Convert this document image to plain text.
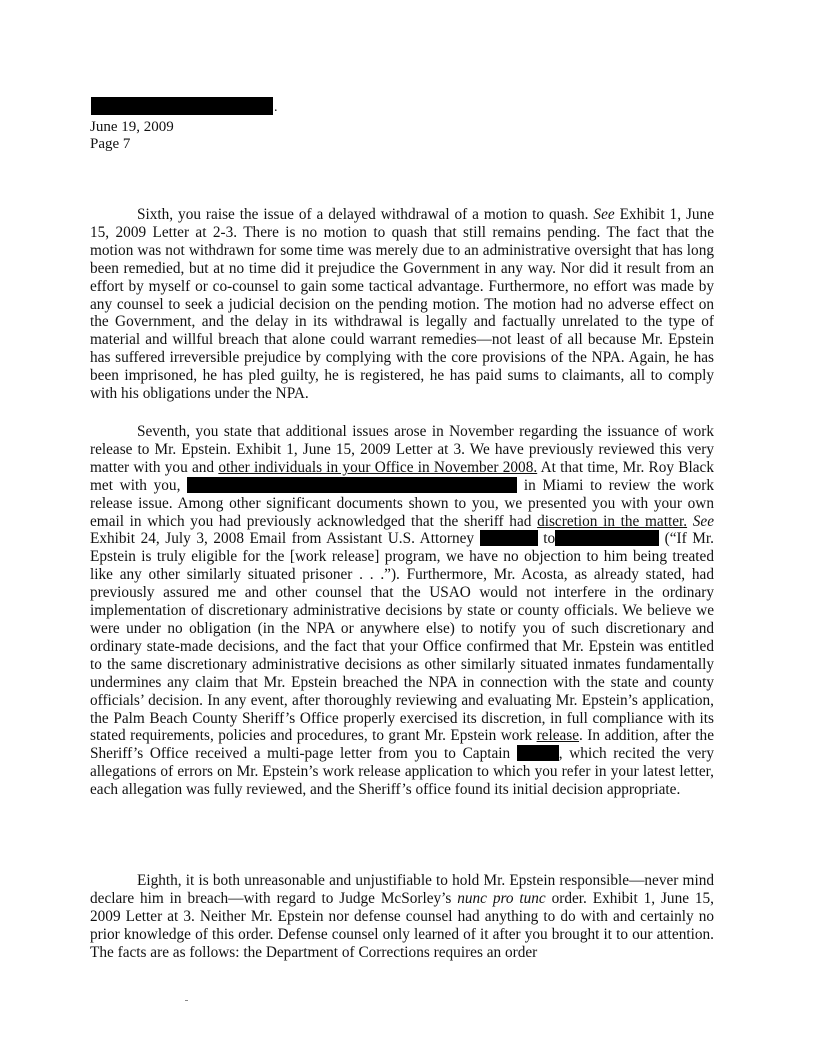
.
June 19, 2009
Page 7

Sixth, you raise the issue of a delayed withdrawal of a motion to quash. See Exhibit 1, June 15, 2009 Letter at 2-3. There is no motion to quash that still remains pending. The fact that the motion was not withdrawn for some time was merely due to an administrative oversight that has long been remedied, but at no time did it prejudice the Government in any way. Nor did it result from an effort by myself or co-counsel to gain some tactical advantage. Furthermore, no effort was made by any counsel to seek a judicial decision on the pending motion. The motion had no adverse effect on the Government, and the delay in its withdrawal is legally and factually unrelated to the type of material and willful breach that alone could warrant remedies—not least of all because Mr. Epstein has suffered irreversible prejudice by complying with the core provisions of the NPA. Again, he has been imprisoned, he has pled guilty, he is registered, he has paid sums to claimants, all to comply with his obligations under the NPA.

Seventh, you state that additional issues arose in November regarding the issuance of work release to Mr. Epstein. Exhibit 1, June 15, 2009 Letter at 3. We have previously reviewed this very matter with you and other individuals in your Office in November 2008. At that time, Mr. Roy Black met with you,	in Miami to review the work release issue. Among other significant documents shown to you, we presented you with your own email in which you had previously acknowledged that the sheriff had discretion in the matter. See Exhibit 24, July 3, 2008 Email from Assistant U.S. Attorney	to	(“If Mr. Epstein is truly eligible for the [work release] program, we have no objection to him being treated like any other similarly situated prisoner . . .”). Furthermore, Mr. Acosta, as already stated, had previously assured me and other counsel that the USAO would not interfere in the ordinary implementation of discretionary administrative decisions by state or county officials. We believe we were under no obligation (in the NPA or anywhere else) to notify you of such discretionary and ordinary state-made decisions, and the fact that your Office confirmed that Mr. Epstein was entitled to the same discretionary administrative decisions as other similarly situated inmates fundamentally undermines any claim that Mr. Epstein breached the NPA in connection with the state and county officials’ decision. In any event, after thoroughly reviewing and evaluating Mr. Epstein’s application, the Palm Beach County Sheriff’s Office properly exercised its discretion, in full compliance with its stated requirements, policies and procedures, to grant Mr. Epstein work release. In addition, after the Sheriff’s Office received a multi-page letter from you to Captain	, which recited the very allegations of errors on Mr. Epstein’s work release application to which you refer in your latest letter, each allegation was fully reviewed, and the Sheriff’s office found its initial decision appropriate.

Eighth, it is both unreasonable and unjustifiable to hold Mr. Epstein responsible—never mind declare him in breach—with regard to Judge McSorley’s nunc pro tunc order. Exhibit 1, June 15, 2009 Letter at 3. Neither Mr. Epstein nor defense counsel had anything to do with and certainly no prior knowledge of this order. Defense counsel only learned of it after you brought it to our attention. The facts are as follows: the Department of Corrections requires an order
